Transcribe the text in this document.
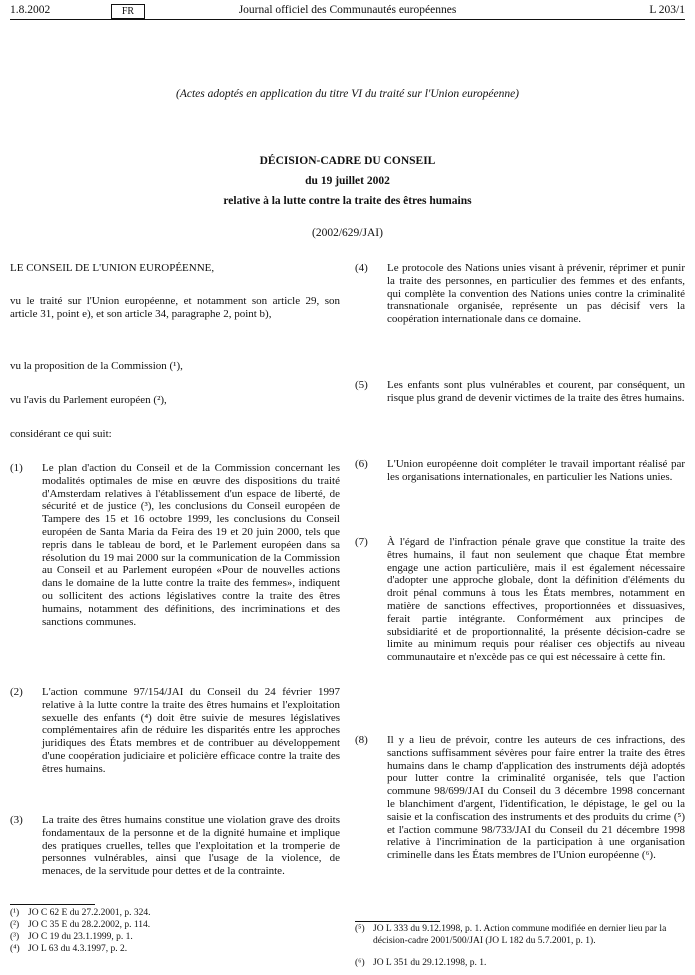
1.8.2002	FR	Journal officiel des Communautés européennes	L 203/1
(Actes adoptés en application du titre VI du traité sur l'Union européenne)
DÉCISION-CADRE DU CONSEIL
du 19 juillet 2002
relative à la lutte contre la traite des êtres humains
(2002/629/JAI)
LE CONSEIL DE L'UNION EUROPÉENNE,
vu le traité sur l'Union européenne, et notamment son article 29, son article 31, point e), et son article 34, paragraphe 2, point b),
vu la proposition de la Commission (¹),
vu l'avis du Parlement européen (²),
considérant ce qui suit:
(1) Le plan d'action du Conseil et de la Commission concernant les modalités optimales de mise en œuvre des dispositions du traité d'Amsterdam relatives à l'établissement d'un espace de liberté, de sécurité et de justice (³), les conclusions du Conseil européen de Tampere des 15 et 16 octobre 1999, les conclusions du Conseil européen de Santa Maria da Feira des 19 et 20 juin 2000, tels que repris dans le tableau de bord, et le Parlement européen dans sa résolution du 19 mai 2000 sur la communication de la Commission au Conseil et au Parlement européen «Pour de nouvelles actions dans le domaine de la lutte contre la traite des femmes», indiquent ou sollicitent des actions législatives contre la traite des êtres humains, notamment des définitions, des incriminations et des sanctions communes.
(2) L'action commune 97/154/JAI du Conseil du 24 février 1997 relative à la lutte contre la traite des êtres humains et l'exploitation sexuelle des enfants (⁴) doit être suivie de mesures législatives complémentaires afin de réduire les disparités entre les approches juridiques des États membres et de contribuer au développement d'une coopération judiciaire et policière efficace contre la traite des êtres humains.
(3) La traite des êtres humains constitue une violation grave des droits fondamentaux de la personne et de la dignité humaine et implique des pratiques cruelles, telles que l'exploitation et la tromperie de personnes vulnérables, ainsi que l'usage de la violence, de menaces, de la servitude pour dettes et de la contrainte.
(¹) JO C 62 E du 27.2.2001, p. 324.
(²) JO C 35 E du 28.2.2002, p. 114.
(³) JO C 19 du 23.1.1999, p. 1.
(⁴) JO L 63 du 4.3.1997, p. 2.
(4) Le protocole des Nations unies visant à prévenir, réprimer et punir la traite des personnes, en particulier des femmes et des enfants, qui complète la convention des Nations unies contre la criminalité transnationale organisée, représente un pas décisif vers la coopération internationale dans ce domaine.
(5) Les enfants sont plus vulnérables et courent, par conséquent, un risque plus grand de devenir victimes de la traite des êtres humains.
(6) L'Union européenne doit compléter le travail important réalisé par les organisations internationales, en particulier les Nations unies.
(7) À l'égard de l'infraction pénale grave que constitue la traite des êtres humains, il faut non seulement que chaque État membre engage une action particulière, mais il est également nécessaire d'adopter une approche globale, dont la définition d'éléments du droit pénal communs à tous les États membres, notamment en matière de sanctions effectives, proportionnées et dissuasives, ferait partie intégrante. Conformément aux principes de subsidiarité et de proportionnalité, la présente décision-cadre se limite au minimum requis pour réaliser ces objectifs au niveau communautaire et n'excède pas ce qui est nécessaire à cette fin.
(8) Il y a lieu de prévoir, contre les auteurs de ces infractions, des sanctions suffisamment sévères pour faire entrer la traite des êtres humains dans le champ d'application des instruments déjà adoptés pour lutter contre la criminalité organisée, tels que l'action commune 98/699/JAI du Conseil du 3 décembre 1998 concernant le blanchiment d'argent, l'identification, le dépistage, le gel ou la saisie et la confiscation des instruments et des produits du crime (⁵) et l'action commune 98/733/JAI du Conseil du 21 décembre 1998 relative à l'incrimination de la participation à une organisation criminelle dans les États membres de l'Union européenne (⁶).
(⁵) JO L 333 du 9.12.1998, p. 1. Action commune modifiée en dernier lieu par la décision-cadre 2001/500/JAI (JO L 182 du 5.7.2001, p. 1).
(⁶) JO L 351 du 29.12.1998, p. 1.
